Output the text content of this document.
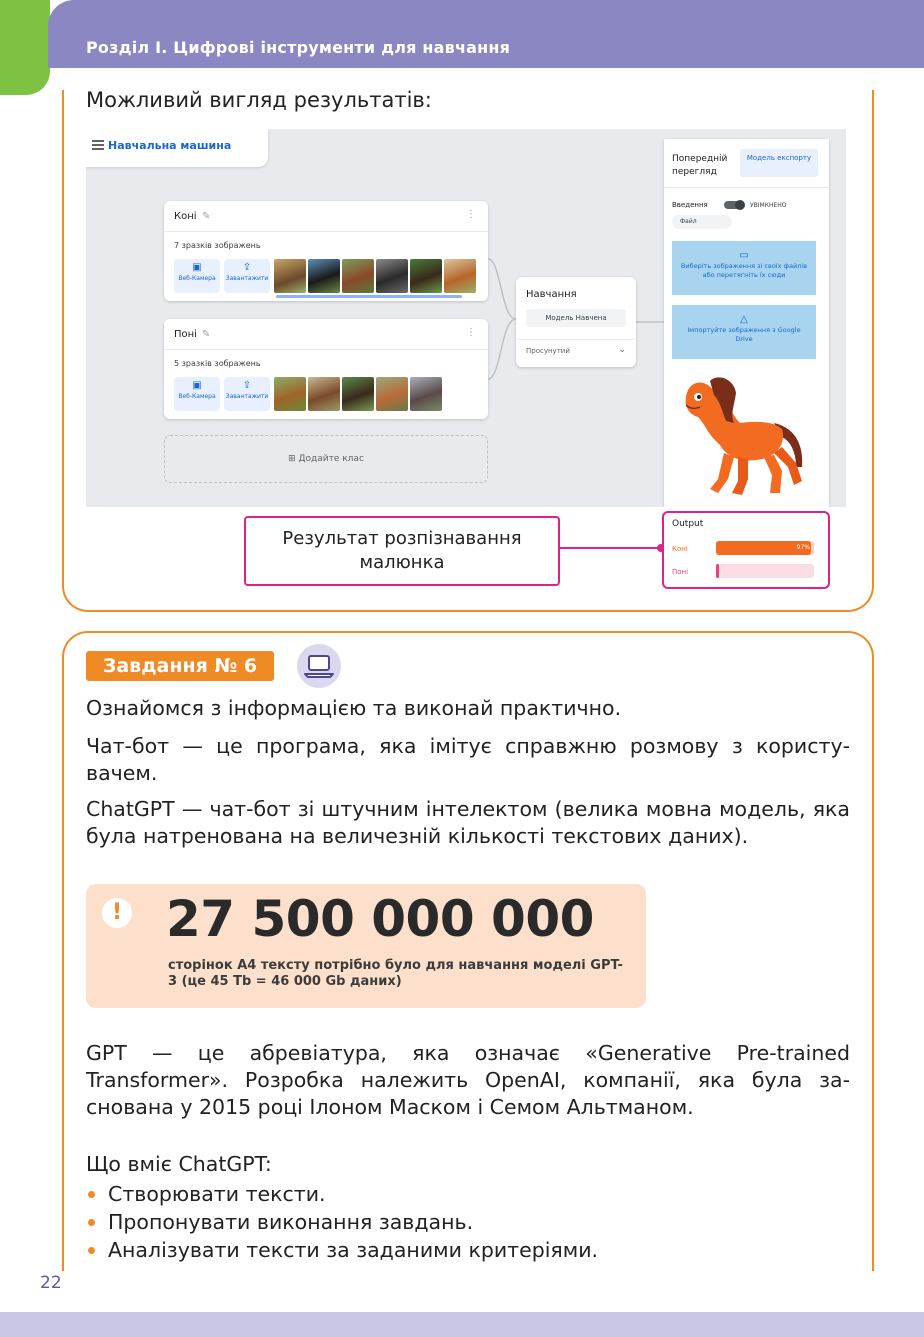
Розділ І. Цифрові інструменти для навчання
Можливий вигляд результатів:
Навчальна машина
Коні ✎	⋮
7 зразків зображень
▣
Веб-Камера
⇪
Завантажити
Поні ✎	⋮
5 зразків зображень
▣
Веб-Камера
⇪
Завантажити
⊞ Додайте клас
Навчання
Модель Навчена
Просунутий	⌄
Попередній перегляд
Модель експорту
Введення	УВІМКНЕНО
Файл
▭
Виберіть зображення зі своїх файлів або перетягніть їх сюди
△
Імпортуйте зображення з Google Drive
Результат розпізнавання малюнка
Output
Коні	97%
Поні
Завдання № 6
Ознайомся з інформацією та виконай практично.
Чат-бот — це програма, яка імітує справжню розмову з користу-вачем.
ChatGPT — чат-бот зі штучним інтелектом (велика мовна модель, яка була натренована на величезній кількості текстових даних).
! 27 500 000 000
сторінок А4 тексту потрібно було для навчання моделі GPT-3 (це 45 Tb = 46 000 Gb даних)
GPT — це абревіатура, яка означає «Generative Pre-trained Transformer». Розробка належить OpenAI, компанії, яка була за-снована у 2015 році Ілоном Маском і Семом Альтманом.
Що вміє ChatGPT:
Створювати тексти.
Пропонувати виконання завдань.
Аналізувати тексти за заданими критеріями.
22
